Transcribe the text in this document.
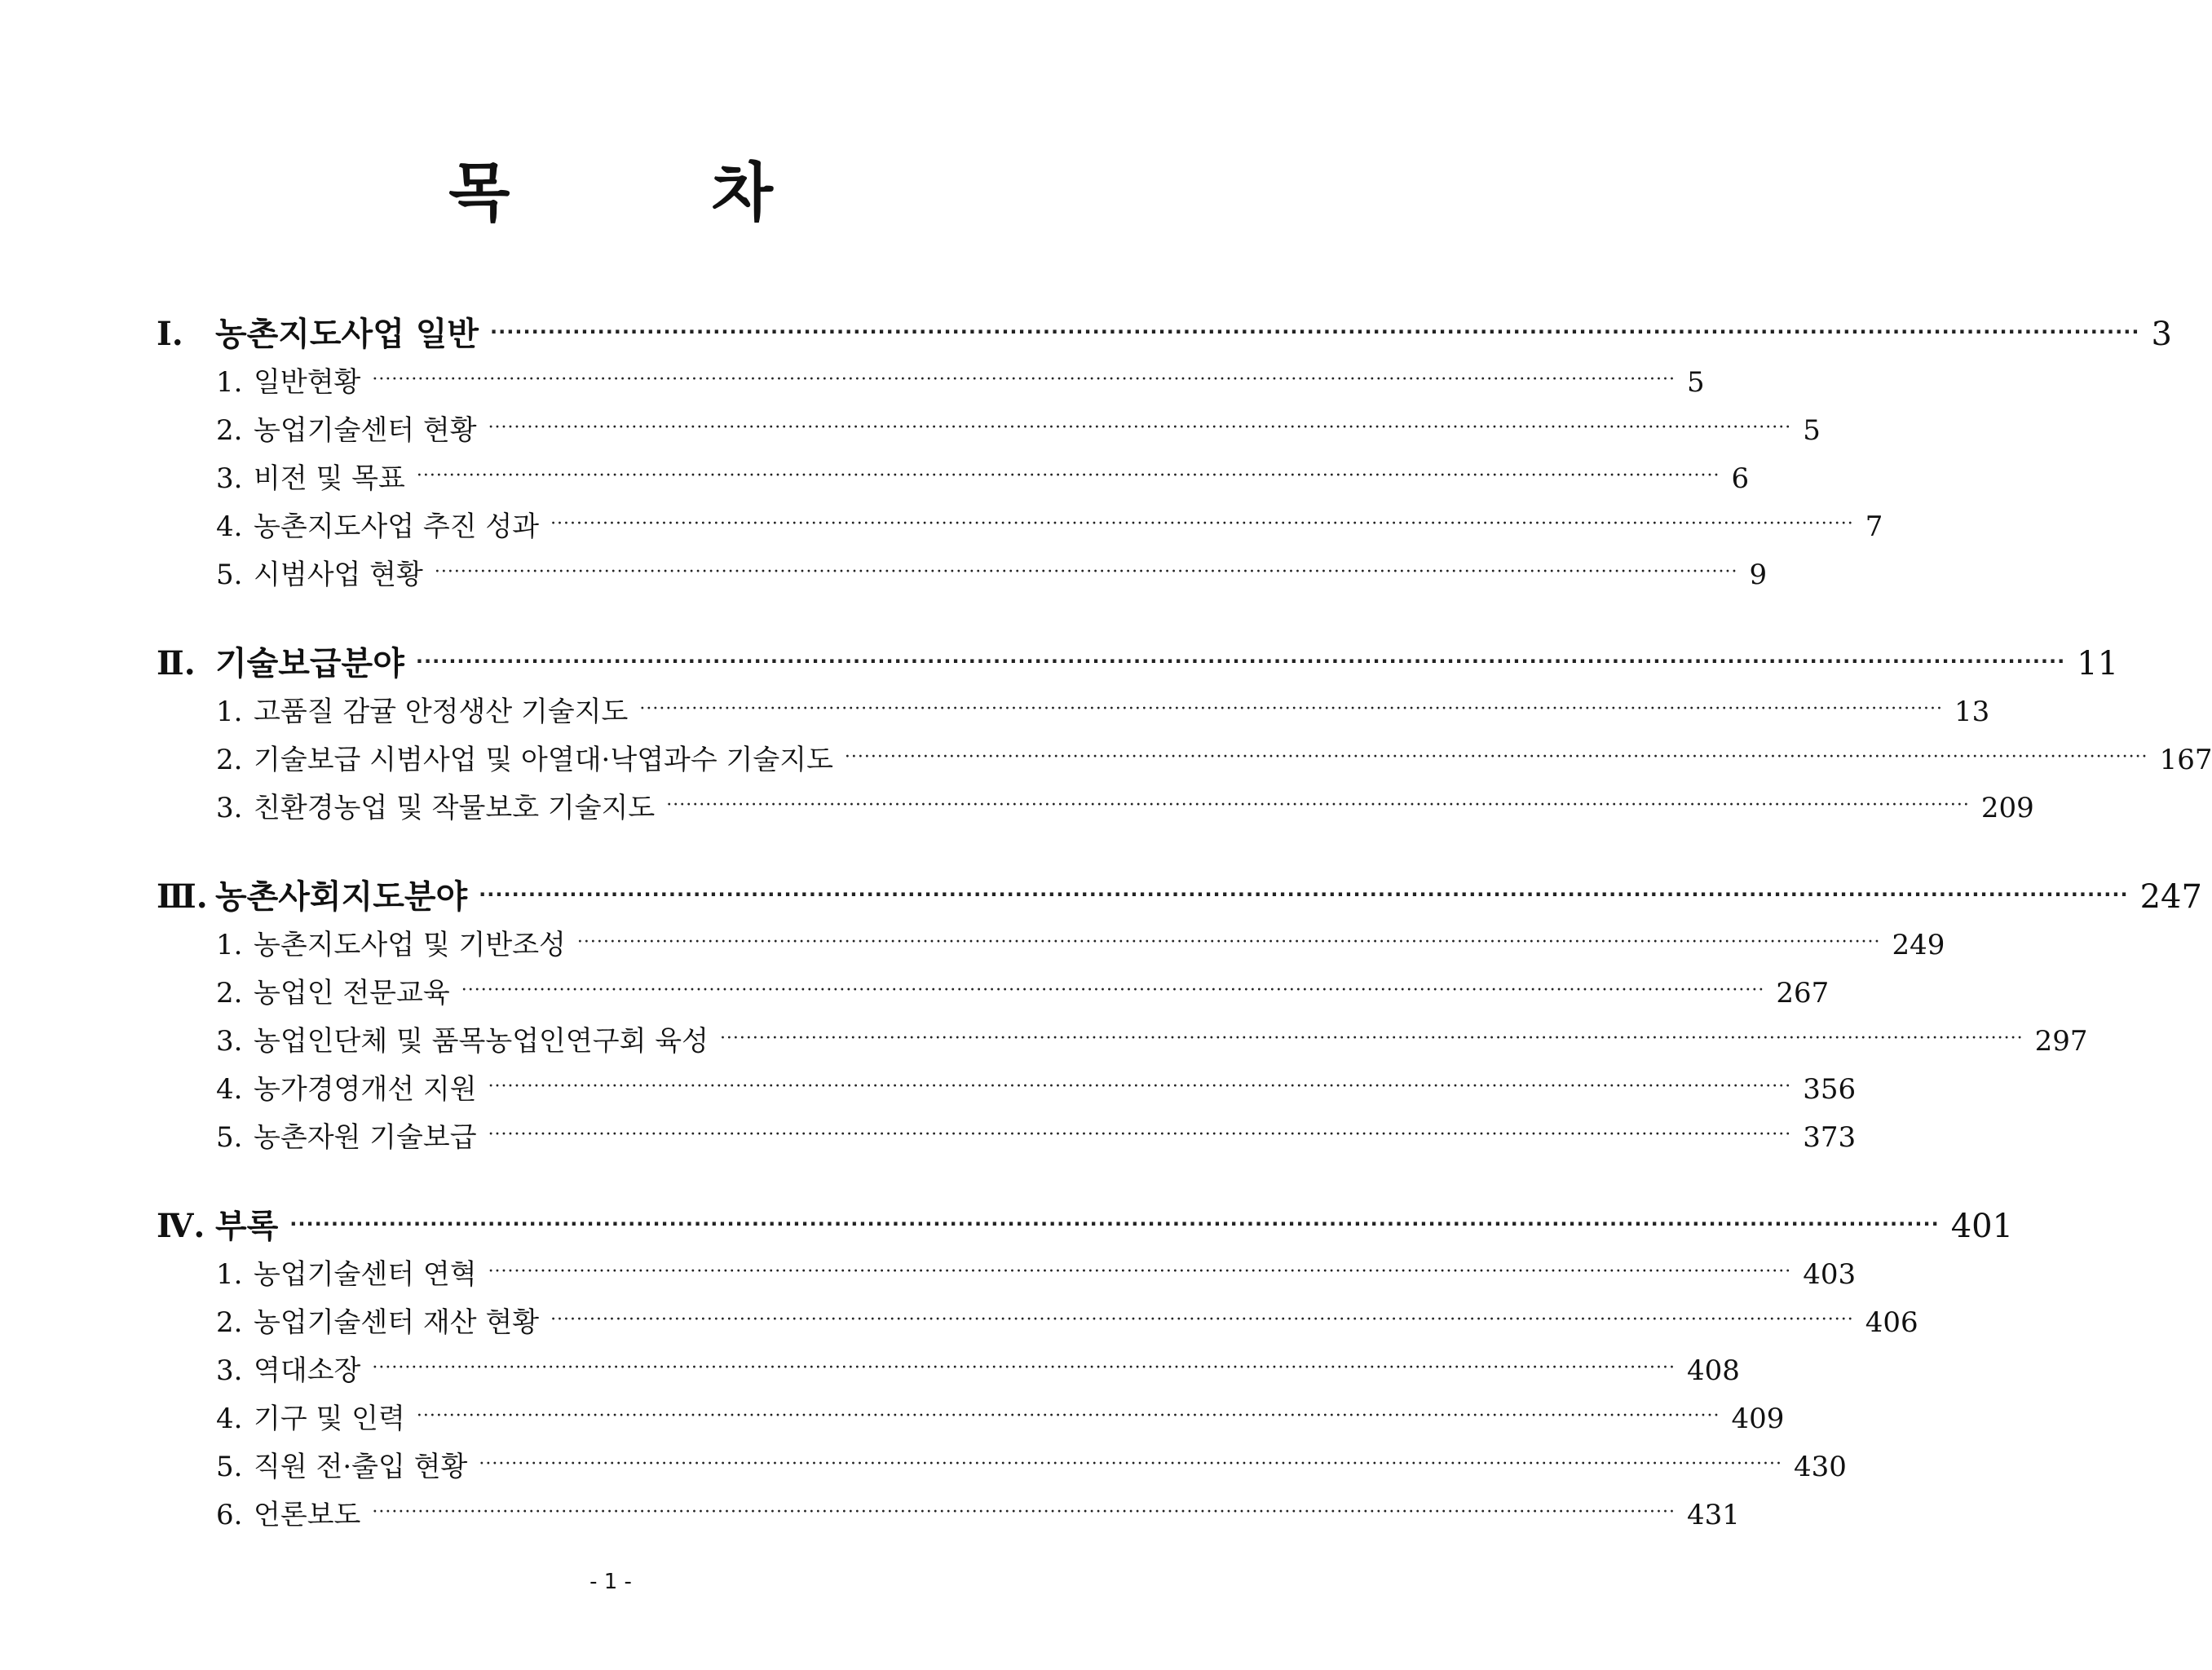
목 차
Ⅰ. 농촌지도사업 일반 ········································································································································································································ 3
1. 일반현황 ········································································································································································································ 5
2. 농업기술센터 현황 ········································································································································································································ 5
3. 비전 및 목표 ········································································································································································································ 6
4. 농촌지도사업 추진 성과 ········································································································································································································ 7
5. 시범사업 현황 ········································································································································································································ 9
Ⅱ. 기술보급분야 ········································································································································································································ 11
1. 고품질 감귤 안정생산 기술지도 ········································································································································································································ 13
2. 기술보급 시범사업 및 아열대·낙엽과수 기술지도 ········································································································································································································ 167
3. 친환경농업 및 작물보호 기술지도 ········································································································································································································ 209
Ⅲ. 농촌사회지도분야 ········································································································································································································ 247
1. 농촌지도사업 및 기반조성 ········································································································································································································ 249
2. 농업인 전문교육 ········································································································································································································ 267
3. 농업인단체 및 품목농업인연구회 육성 ········································································································································································································ 297
4. 농가경영개선 지원 ········································································································································································································ 356
5. 농촌자원 기술보급 ········································································································································································································ 373
Ⅳ. 부록 ········································································································································································································ 401
1. 농업기술센터 연혁 ········································································································································································································ 403
2. 농업기술센터 재산 현황 ········································································································································································································ 406
3. 역대소장 ········································································································································································································ 408
4. 기구 및 인력 ········································································································································································································ 409
5. 직원 전·출입 현황 ········································································································································································································ 430
6. 언론보도 ········································································································································································································ 431
- 1 -
